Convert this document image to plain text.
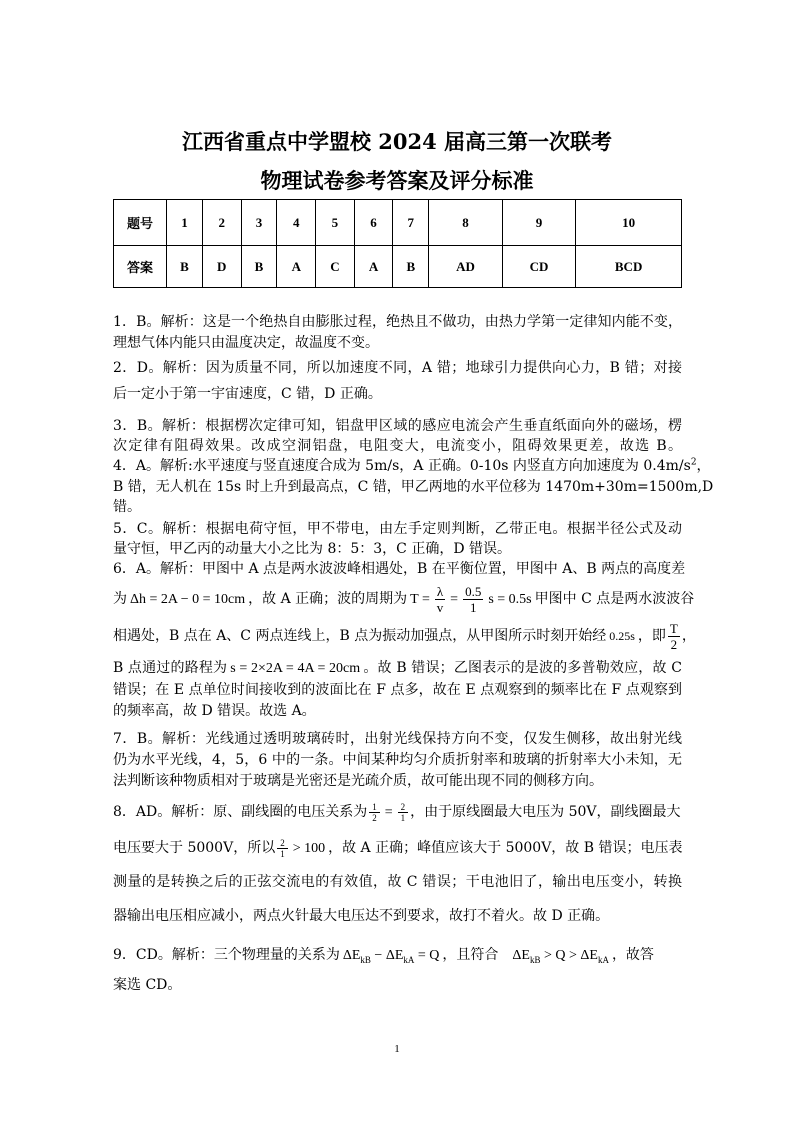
江西省重点中学盟校 2024 届高三第一次联考
物理试卷参考答案及评分标准
题号	1	2	3	4	5	6	7	8	9	10
答案	B	D	B	A	C	A	B	AD	CD	BCD
1．B。解析：这是一个绝热自由膨胀过程，绝热且不做功，由热力学第一定律知内能不变，
理想气体内能只由温度决定，故温度不变。
2．D。解析：因为质量不同，所以加速度不同，A 错；地球引力提供向心力，B 错；对接
后一定小于第一宇宙速度，C 错，D 正确。
3．B。解析：根据楞次定律可知，铝盘甲区域的感应电流会产生垂直纸面向外的磁场，楞
次定律有阻碍效果。改成空洞铝盘，电阻变大，电流变小，阻碍效果更差，故选 B。
4．A。解析:水平速度与竖直速度合成为 5m/s，A 正确。0-10s 内竖直方向加速度为 $0.4m/s^2$，
B 错，无人机在 15s 时上升到最高点，C 错，甲乙两地的水平位移为 1470m+30m=1500m,D
错。
5．C。解析：根据电荷守恒，甲不带电，由左手定则判断，乙带正电。根据半径公式及动
量守恒，甲乙丙的动量大小之比为 8：5：3，C 正确，D 错误。
6．A。解析：甲图中 A 点是两水波波峰相遇处，B 在平衡位置，甲图中 A、B 两点的高度差
为 Δh = 2A − 0 = 10cm ，故 A 正确；波的周期为 $T = \frac{\lambda}{v} = \frac{0.5}{1}$ s = 0.5s 甲图中 C 点是两水波波谷
相遇处，B 点在 A、C 两点连线上，B 点为振动加强点，从甲图所示时刻开始经 0.25s ，即 $\frac{T}{2}$ ，
B 点通过的路程为 s = 2×2A = 4A = 20cm 。故 B 错误；乙图表示的是波的多普勒效应，故 C
错误；在 E 点单位时间接收到的波面比在 F 点多，故在 E 点观察到的频率比在 F 点观察到
的频率高，故 D 错误。故选 A。
7．B。解析：光线通过透明玻璃砖时，出射光线保持方向不变，仅发生侧移，故出射光线
仍为水平光线，4，5，6 中的一条。中间某种均匀介质折射率和玻璃的折射率大小未知，无
法判断该种物质相对于玻璃是光密还是光疏介质，故可能出现不同的侧移方向。
8．AD。解析：原、副线圈的电压关系为 $\frac{1}{2} = \frac{2}{1}$ ，由于原线圈最大电压为 50V，副线圈最大
电压要大于 5000V，所以 $\frac{2}{1} > 100$ ，故 A 正确；峰值应该大于 5000V，故 B 错误；电压表
测量的是转换之后的正弦交流电的有效值，故 C 错误；干电池旧了，输出电压变小，转换
器输出电压相应减小，两点火针最大电压达不到要求，故打不着火。故 D 正确。
9．CD。解析：三个物理量的关系为 $\Delta E_{kB} - \Delta E_{kA} = Q$ ，且符合 $\Delta E_{kB} > Q > \Delta E_{kA}$ ，故答
案选 CD。
1
